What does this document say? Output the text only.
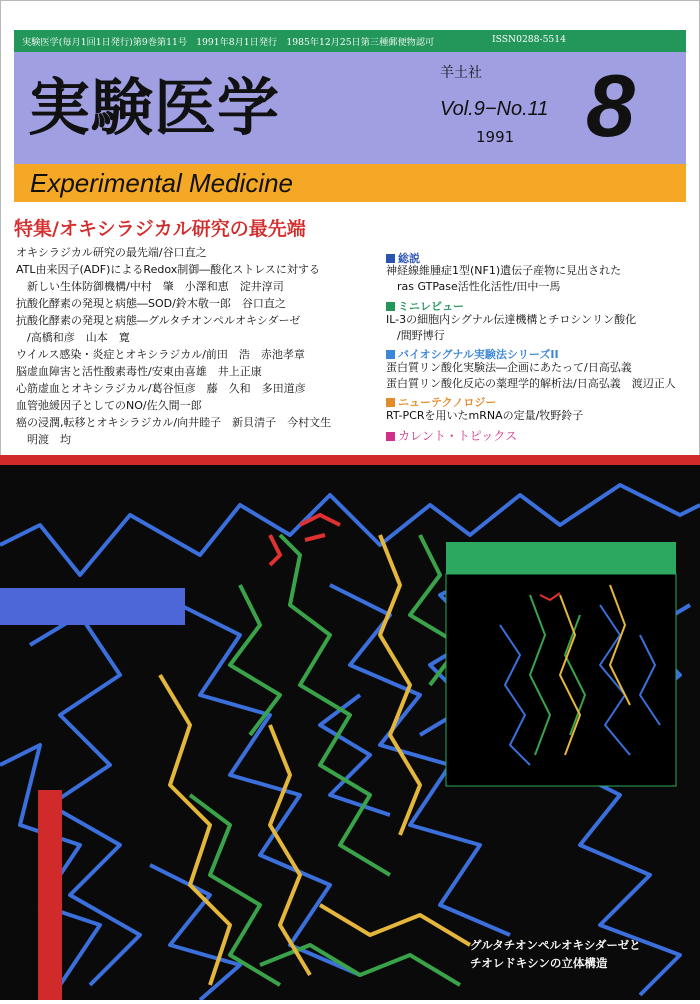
実験医学(毎月1回1日発行)第9巻第11号　1991年8月1日発行　1985年12月25日第三種郵便物認可	ISSN0288-5514
実験医学	羊土社
Vol.9−No.11
1991 8
Experimental Medicine
特集/オキシラジカル研究の最先端
オキシラジカル研究の最先端/谷口直之
ATL由来因子(ADF)によるRedox制御―酸化ストレスに対する
　新しい生体防御機構/中村　肇　小澤和恵　淀井淳司
抗酸化酵素の発現と病態―SOD/鈴木敬一郎　谷口直之
抗酸化酵素の発現と病態―グルタチオンペルオキシダーゼ
　/高橋和彦　山本　寛
ウイルス感染・炎症とオキシラジカル/前田　浩　赤池孝章
脳虚血障害と活性酸素毒性/安東由喜雄　井上正康
心筋虚血とオキシラジカル/葛谷恒彦　藤　久和　多田道彦
血管弛緩因子としてのNO/佐久間一郎
癌の浸潤,転移とオキシラジカル/向井睦子　新貝清子　今村文生
　明渡　均
総説
神経線維腫症1型(NF1)遺伝子産物に見出された
　ras GTPase活性化活性/田中一馬
ミニレビュー
IL-3の細胞内シグナル伝達機構とチロシンリン酸化
　/間野博行
バイオシグナル実験法シリーズII
蛋白質リン酸化実験法―企画にあたって/日高弘義
蛋白質リン酸化反応の薬理学的解析法/日高弘義　渡辺正人
ニューテクノロジー
RT-PCRを用いたmRNAの定量/牧野鈴子
カレント・トピックス
グルタチオンペルオキシダーゼと
チオレドキシンの立体構造
